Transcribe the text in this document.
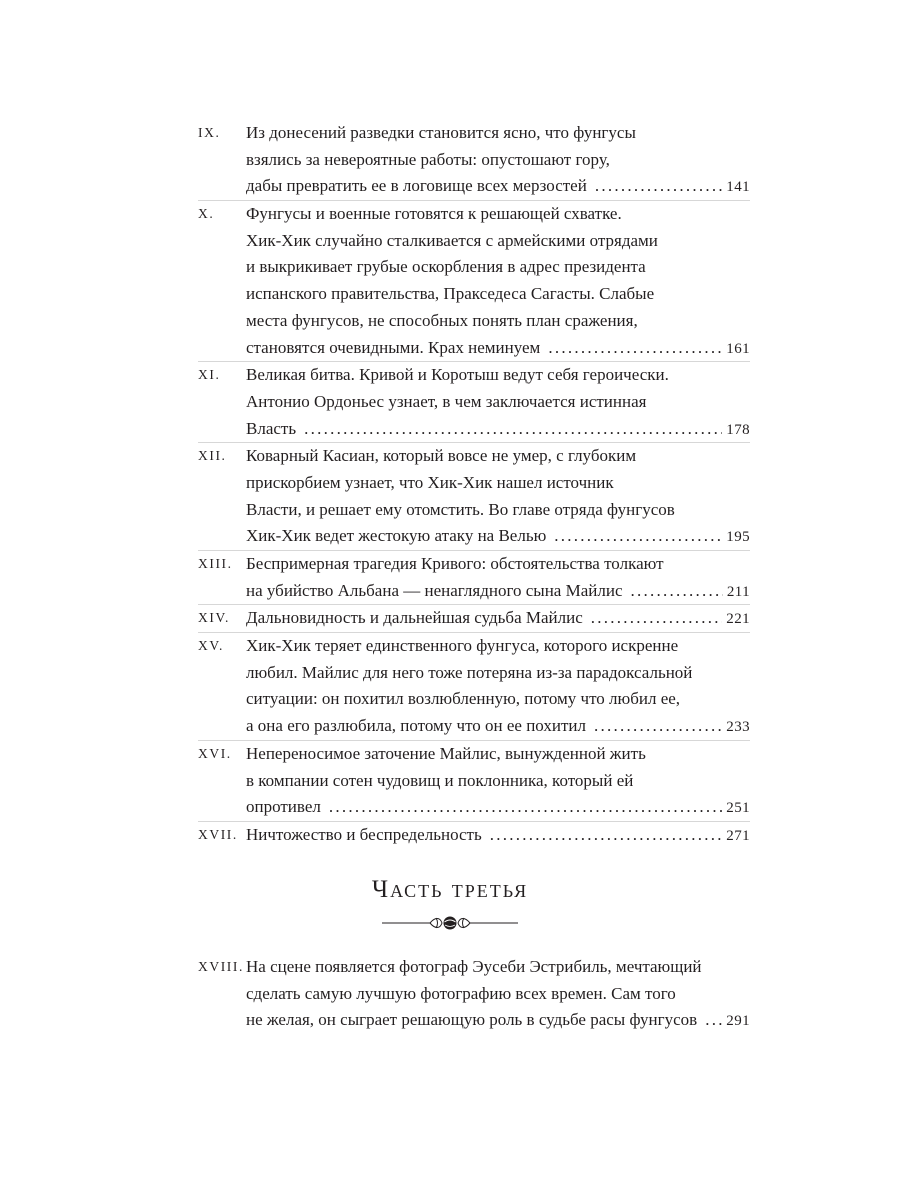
IX. Из донесений разведки становится ясно, что фунгусы
взялись за невероятные работы: опустошают гору,
дабы превратить ее в логовище всех мерзостей . . .	141
X. Фунгусы и военные готовятся к решающей схватке.
Хик-Хик случайно сталкивается с армейскими отрядами
и выкрикивает грубые оскорбления в адрес президента
испанского правительства, Пракседеса Сагасты. Слабые
места фунгусов, не способных понять план сражения,
становятся очевидными. Крах неминуем . . .	161
XI. Великая битва. Кривой и Коротыш ведут себя героически.
Антонио Ордоньес узнает, в чем заключается истинная
Власть . . .	178
XII. Коварный Касиан, который вовсе не умер, с глубоким
прискорбием узнает, что Хик-Хик нашел источник
Власти, и решает ему отомстить. Во главе отряда фунгусов
Хик-Хик ведет жестокую атаку на Велью . . .	195
XIII. Беспримерная трагедия Кривого: обстоятельства толкают
на убийство Альбана — ненаглядного сына Майлис . . .	211
XIV. Дальновидность и дальнейшая судьба Майлис . . .	221
XV. Хик-Хик теряет единственного фунгуса, которого искренне
любил. Майлис для него тоже потеряна из-за парадоксальной
ситуации: он похитил возлюбленную, потому что любил ее,
а она его разлюбила, потому что он ее похитил . . .	233
XVI. Непереносимое заточение Майлис, вынужденной жить
в компании сотен чудовищ и поклонника, который ей
опротивел . . .	251
XVII. Ничтожество и беспредельность . . .	271
Часть третья
XVIII. На сцене появляется фотограф Эусеби Эстрибиль, мечтающий
сделать самую лучшую фотографию всех времен. Сам того
не желая, он сыграет решающую роль в судьбе расы фунгусов . . . 291
